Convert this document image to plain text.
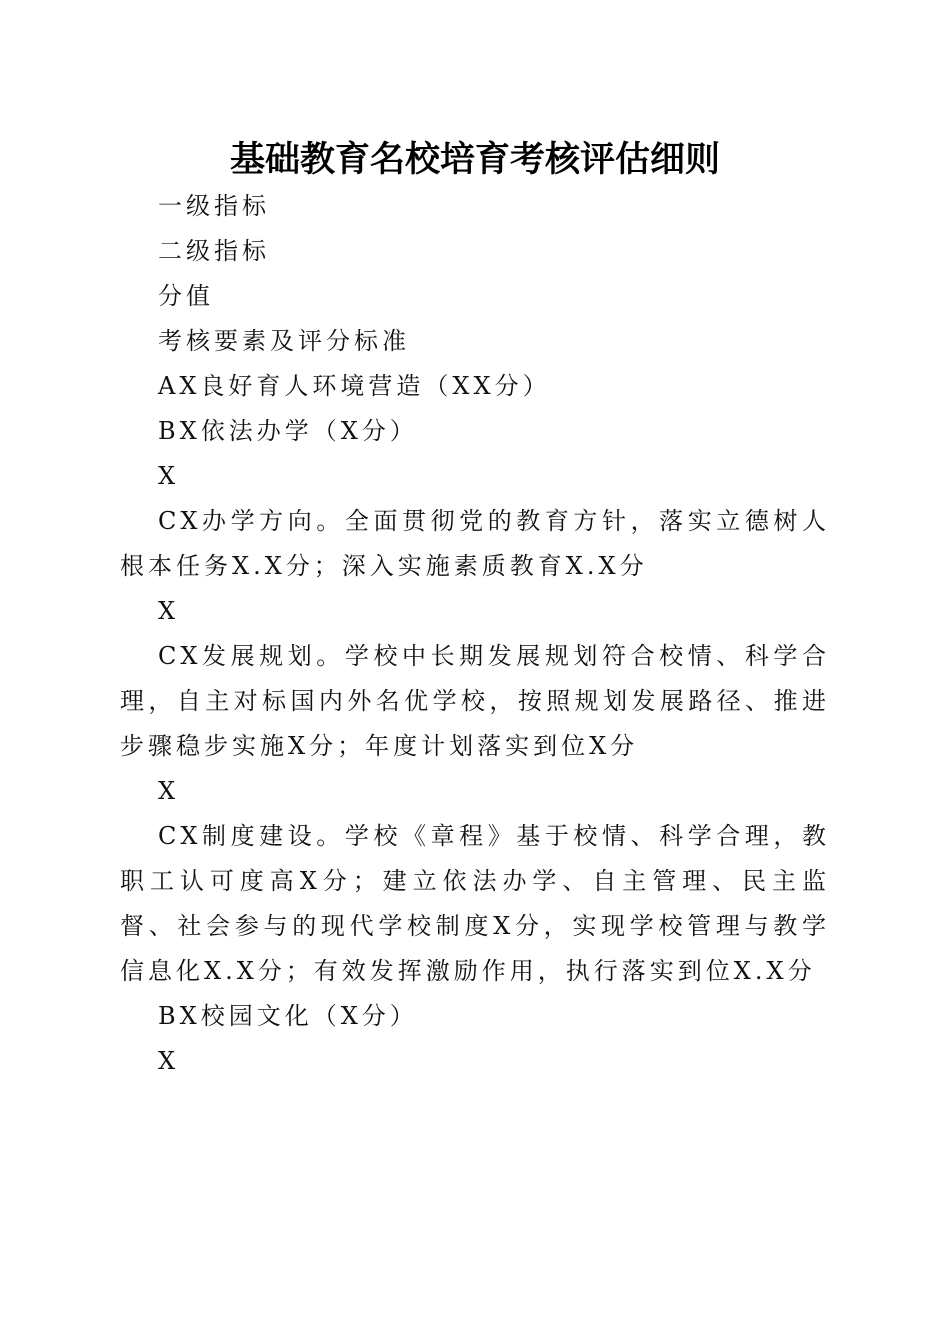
基础教育名校培育考核评估细则

一级指标

二级指标

分值

考核要素及评分标准

AX良好育人环境营造（XX分）

BX依法办学（X分）

X

CX办学方向。全面贯彻党的教育方针，落实立德树人根本任务X.X分；深入实施素质教育X.X分

X

CX发展规划。学校中长期发展规划符合校情、科学合理，自主对标国内外名优学校，按照规划发展路径、推进步骤稳步实施X分；年度计划落实到位X分

X

CX制度建设。学校《章程》基于校情、科学合理，教职工认可度高X分；建立依法办学、自主管理、民主监督、社会参与的现代学校制度X分，实现学校管理与教学信息化X.X分；有效发挥激励作用，执行落实到位X.X分

BX校园文化（X分）

X
